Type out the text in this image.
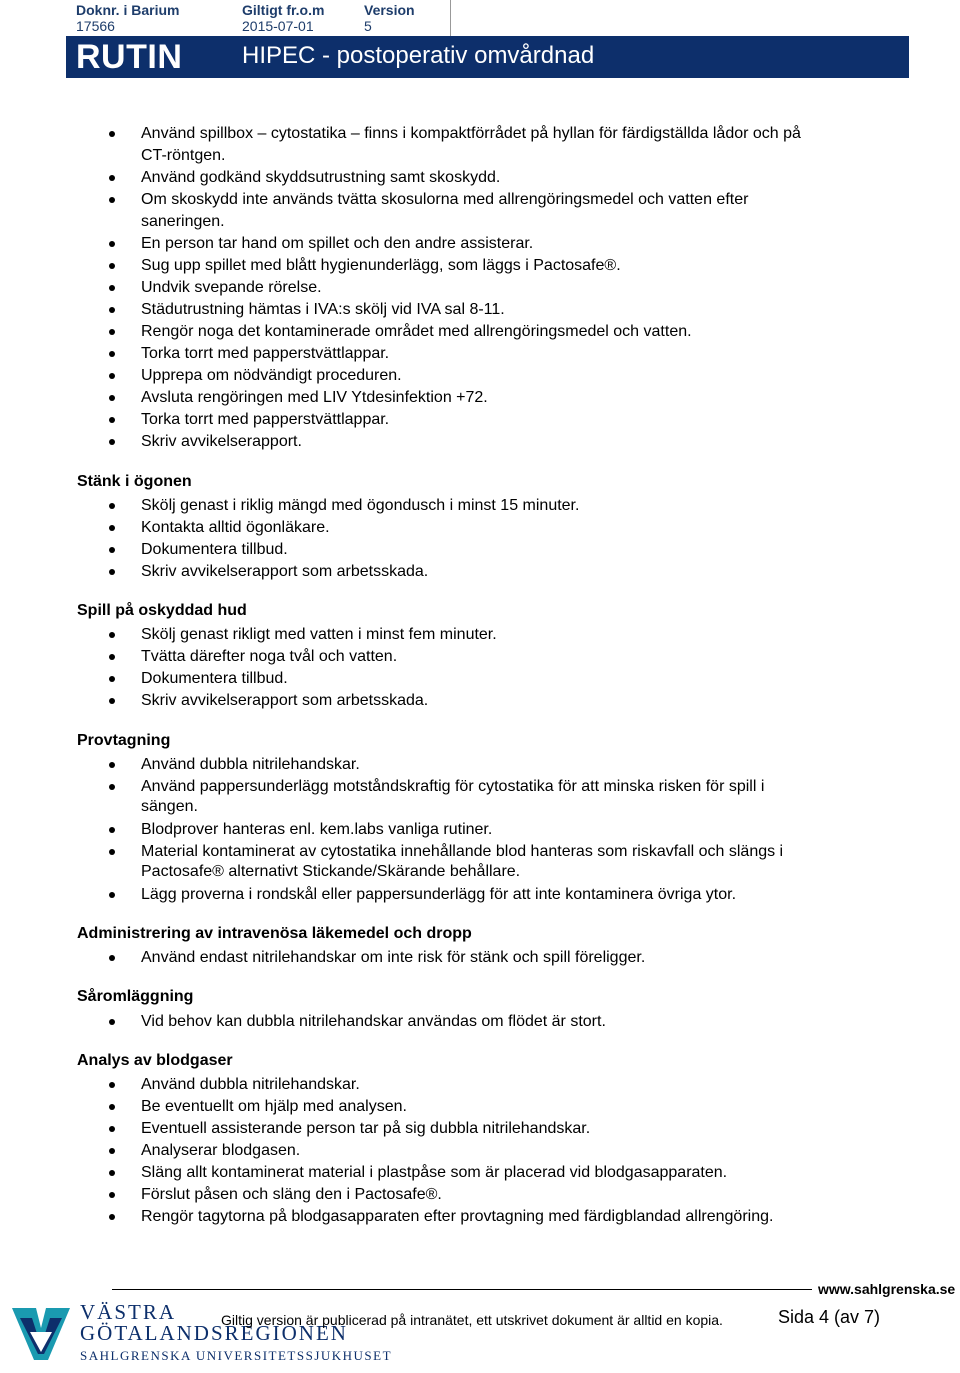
Doknr. i Barium
17566
Giltigt fr.o.m
2015-07-01
Version
5
RUTIN HIPEC - postoperativ omvårdnad
Använd spillbox – cytostatika – finns i kompaktförrådet på hyllan för färdigställda lådor och på
CT-röntgen.
Använd godkänd skyddsutrustning samt skoskydd.
Om skoskydd inte används tvätta skosulorna med allrengöringsmedel och vatten efter
saneringen.
En person tar hand om spillet och den andre assisterar.
Sug upp spillet med blått hygienunderlägg, som läggs i Pactosafe®.
Undvik svepande rörelse.
Städutrustning hämtas i IVA:s skölj vid IVA sal 8-11.
Rengör noga det kontaminerade området med allrengöringsmedel och vatten.
Torka torrt med papperstvättlappar.
Upprepa om nödvändigt proceduren.
Avsluta rengöringen med LIV Ytdesinfektion +72.
Torka torrt med papperstvättlappar.
Skriv avvikelserapport.
Stänk i ögonen
Skölj genast i riklig mängd med ögondusch i minst 15 minuter.
Kontakta alltid ögonläkare.
Dokumentera tillbud.
Skriv avvikelserapport som arbetsskada.
Spill på oskyddad hud
Skölj genast rikligt med vatten i minst fem minuter.
Tvätta därefter noga tvål och vatten.
Dokumentera tillbud.
Skriv avvikelserapport som arbetsskada.
Provtagning
Använd dubbla nitrilehandskar.
Använd pappersunderlägg motståndskraftig för cytostatika för att minska risken för spill i
sängen.
Blodprover hanteras enl. kem.labs vanliga rutiner.
Material kontaminerat av cytostatika innehållande blod hanteras som riskavfall och slängs i
Pactosafe® alternativt Stickande/Skärande behållare.
Lägg proverna i rondskål eller pappersunderlägg för att inte kontaminera övriga ytor.
Administrering av intravenösa läkemedel och dropp
Använd endast nitrilehandskar om inte risk för stänk och spill föreligger.
Såromläggning
Vid behov kan dubbla nitrilehandskar användas om flödet är stort.
Analys av blodgaser
Använd dubbla nitrilehandskar.
Be eventuellt om hjälp med analysen.
Eventuell assisterande person tar på sig dubbla nitrilehandskar.
Analyserar blodgasen.
Släng allt kontaminerat material i plastpåse som är placerad vid blodgasapparaten.
Förslut påsen och släng den i Pactosafe®.
Rengör tagytorna på blodgasapparaten efter provtagning med färdigblandad allrengöring.
www.sahlgrenska.se
VÄSTRA
GÖTALANDSREGIONEN
SAHLGRENSKA UNIVERSITETSSJUKHUSET
Giltig version är publicerad på intranätet, ett utskrivet dokument är alltid en kopia.	Sida 4 (av 7)
